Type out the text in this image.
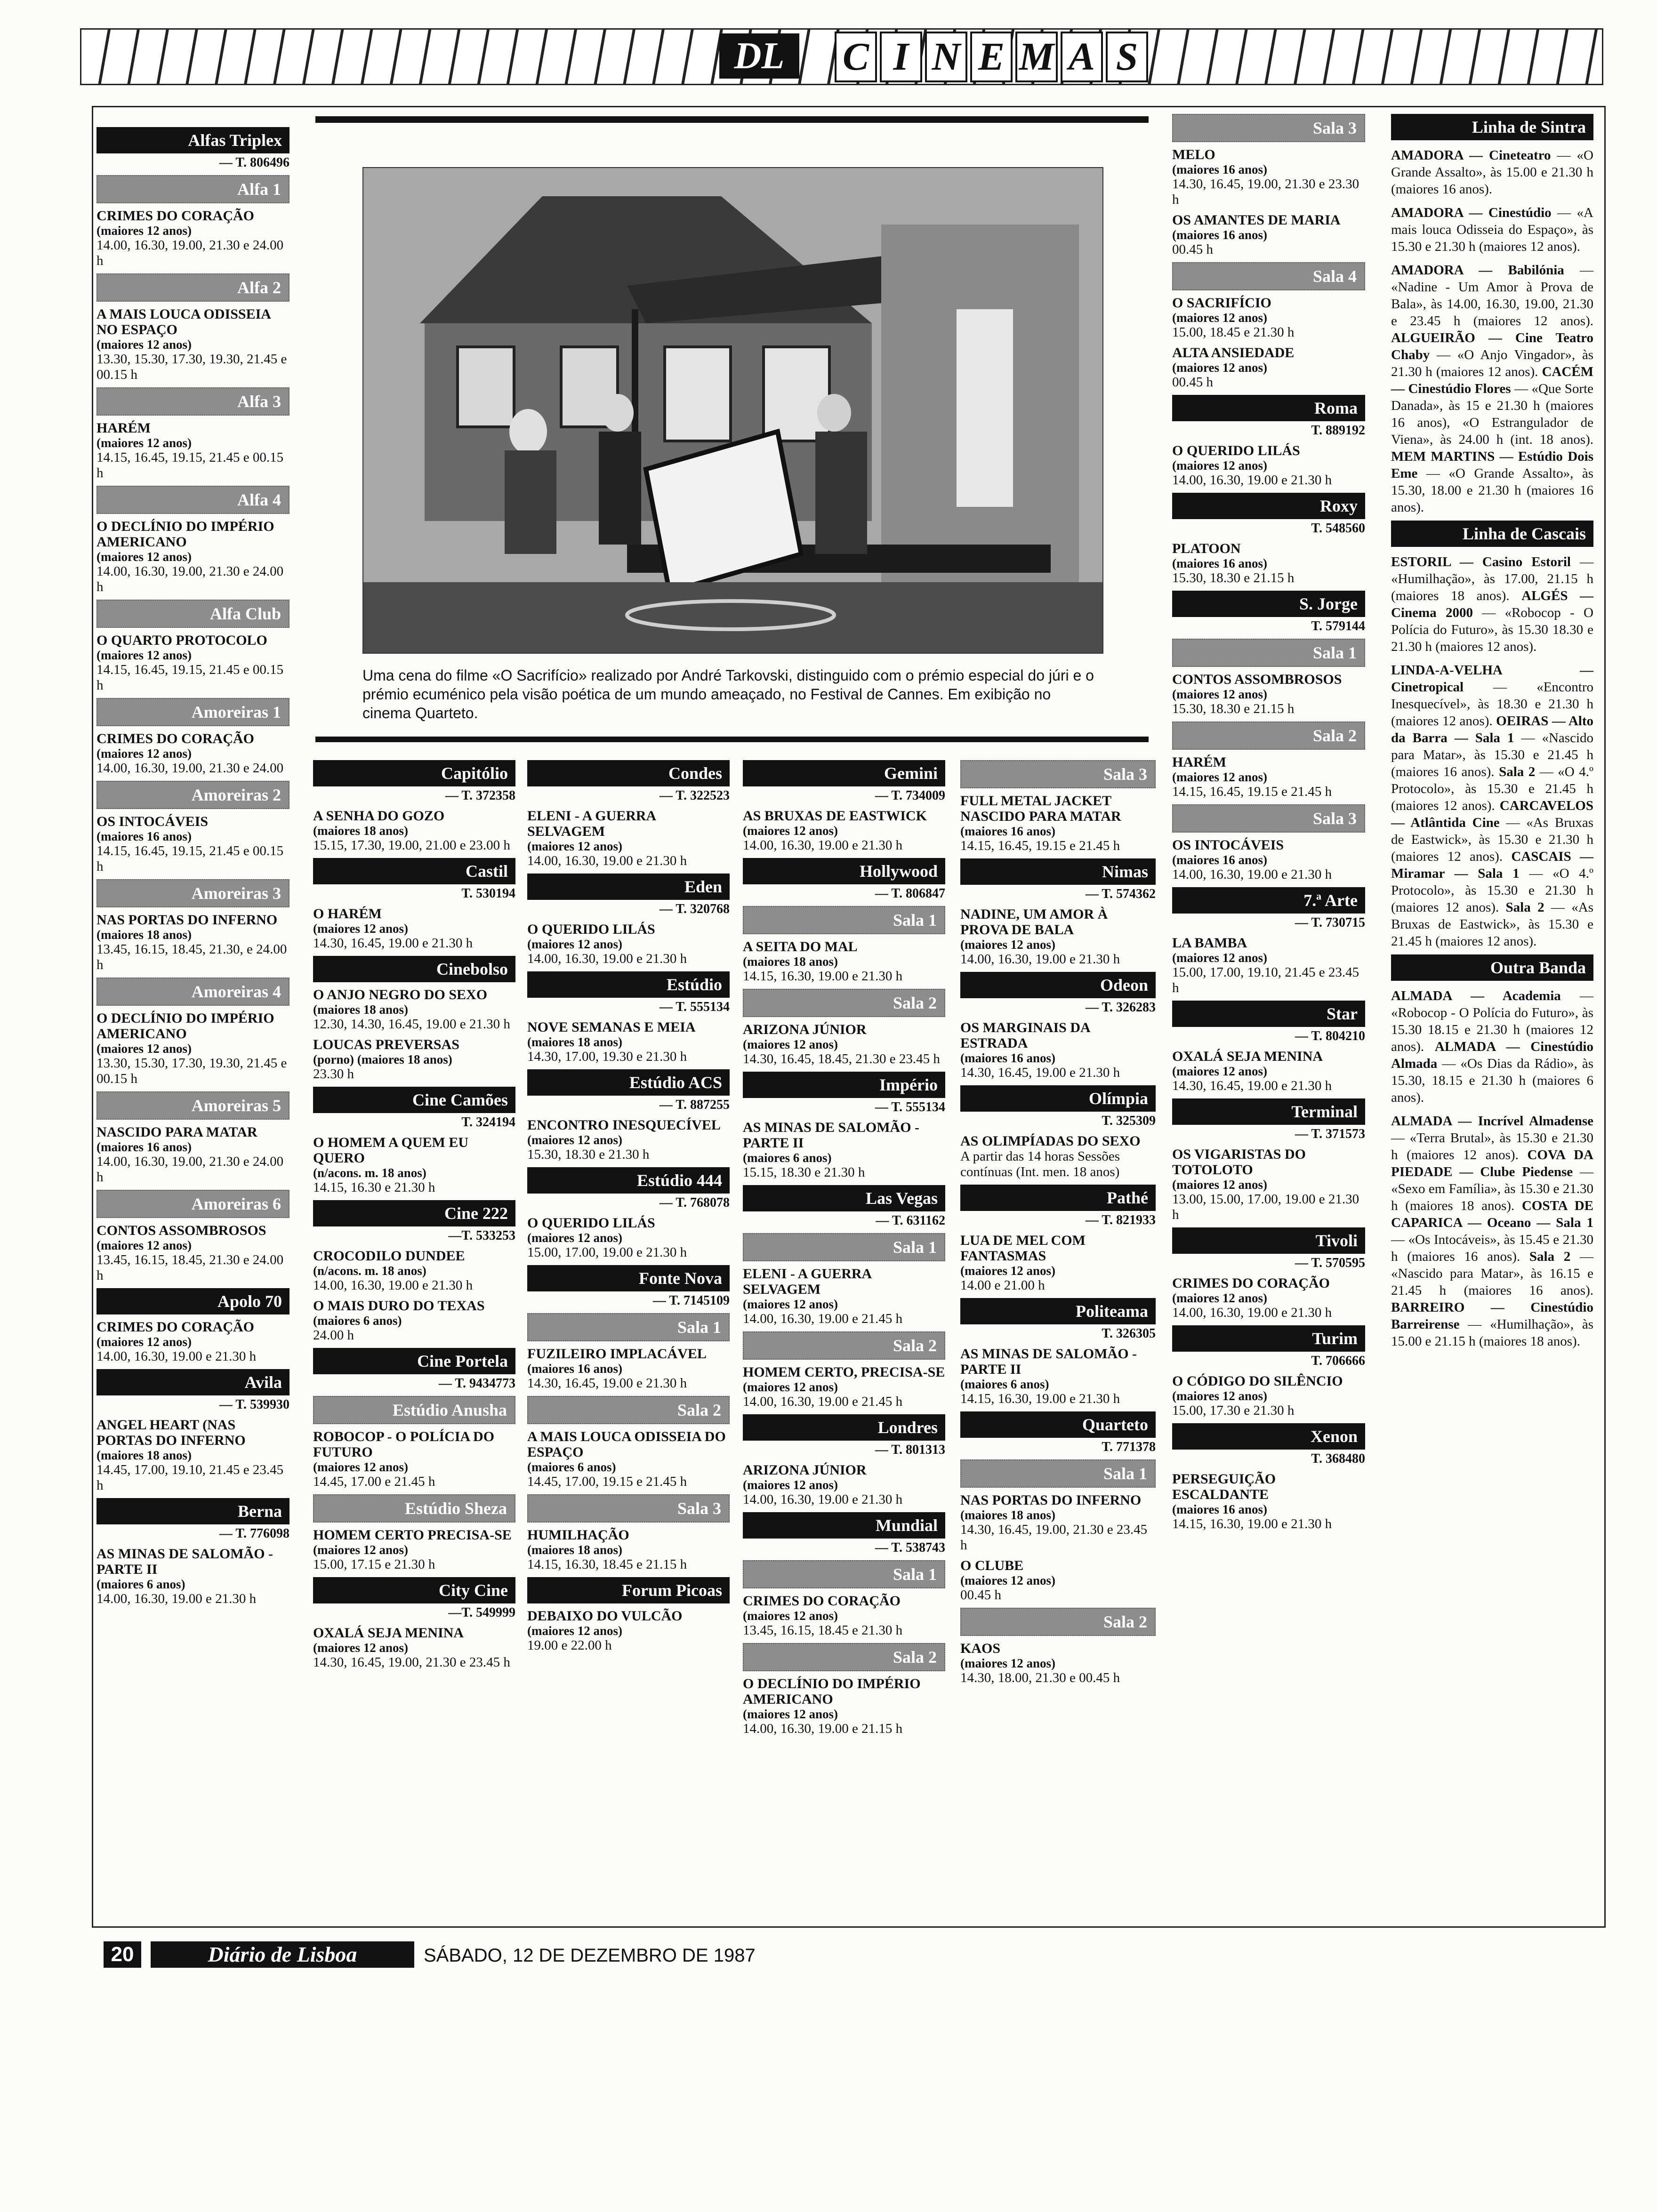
DL	C I N E M A S
Uma cena do filme «O Sacrifício» realizado por André Tarkovski, distinguido com o prémio especial do júri e o prémio ecuménico pela visão poética de um mundo ameaçado, no Festival de Cannes. Em exibição no cinema Quarteto.
Alfas Triplex
— T. 806496
Alfa 1
CRIMES DO CORAÇÃO
(maiores 12 anos)
14.00, 16.30, 19.00, 21.30 e 24.00 h
Alfa 2
A MAIS LOUCA ODISSEIA NO ESPAÇO
(maiores 12 anos)
13.30, 15.30, 17.30, 19.30, 21.45 e 00.15 h
Alfa 3
HARÉM
(maiores 12 anos)
14.15, 16.45, 19.15, 21.45 e 00.15 h
Alfa 4
O DECLÍNIO DO IMPÉRIO AMERICANO
(maiores 12 anos)
14.00, 16.30, 19.00, 21.30 e 24.00 h
Alfa Club
O QUARTO PROTOCOLO
(maiores 12 anos)
14.15, 16.45, 19.15, 21.45 e 00.15 h
Amoreiras 1
CRIMES DO CORAÇÃO
(maiores 12 anos)
14.00, 16.30, 19.00, 21.30 e 24.00
Amoreiras 2
OS INTOCÁVEIS
(maiores 16 anos)
14.15, 16.45, 19.15, 21.45 e 00.15 h
Amoreiras 3
NAS PORTAS DO INFERNO
(maiores 18 anos)
13.45, 16.15, 18.45, 21.30, e 24.00 h
Amoreiras 4
O DECLÍNIO DO IMPÉRIO AMERICANO
(maiores 12 anos)
13.30, 15.30, 17.30, 19.30, 21.45 e 00.15 h
Amoreiras 5
NASCIDO PARA MATAR
(maiores 16 anos)
14.00, 16.30, 19.00, 21.30 e 24.00 h
Amoreiras 6
CONTOS ASSOMBROSOS
(maiores 12 anos)
13.45, 16.15, 18.45, 21.30 e 24.00 h
Apolo 70
CRIMES DO CORAÇÃO
(maiores 12 anos)
14.00, 16.30, 19.00 e 21.30 h
Avila
— T. 539930
ANGEL HEART (NAS PORTAS DO INFERNO
(maiores 18 anos)
14.45, 17.00, 19.10, 21.45 e 23.45 h
Berna
— T. 776098
AS MINAS DE SALOMÃO - PARTE II
(maiores 6 anos)
14.00, 16.30, 19.00 e 21.30 h
Capitólio
— T. 372358
A SENHA DO GOZO
(maiores 18 anos)
15.15, 17.30, 19.00, 21.00 e 23.00 h
Castil
T. 530194
O HARÉM
(maiores 12 anos)
14.30, 16.45, 19.00 e 21.30 h
Cinebolso
O ANJO NEGRO DO SEXO
(maiores 18 anos)
12.30, 14.30, 16.45, 19.00 e 21.30 h
LOUCAS PREVERSAS
(porno) (maiores 18 anos)
23.30 h
Cine Camões
T. 324194
O HOMEM A QUEM EU QUERO
(n/acons. m. 18 anos)
14.15, 16.30 e 21.30 h
Cine 222
—T. 533253
CROCODILO DUNDEE
(n/acons. m. 18 anos)
14.00, 16.30, 19.00 e 21.30 h
O MAIS DURO DO TEXAS
(maiores 6 anos)
24.00 h
Cine Portela
— T. 9434773
Estúdio Anusha
ROBOCOP - O POLÍCIA DO FUTURO
(maiores 12 anos)
14.45, 17.00 e 21.45 h
Estúdio Sheza
HOMEM CERTO PRECISA-SE
(maiores 12 anos)
15.00, 17.15 e 21.30 h
City Cine
—T. 549999
OXALÁ SEJA MENINA
(maiores 12 anos)
14.30, 16.45, 19.00, 21.30 e 23.45 h
Condes
— T. 322523
ELENI - A GUERRA SELVAGEM
(maiores 12 anos)
14.00, 16.30, 19.00 e 21.30 h
Eden
— T. 320768
O QUERIDO LILÁS
(maiores 12 anos)
14.00, 16.30, 19.00 e 21.30 h
Estúdio
— T. 555134
NOVE SEMANAS E MEIA
(maiores 18 anos)
14.30, 17.00, 19.30 e 21.30 h
Estúdio ACS
— T. 887255
ENCONTRO INESQUECÍVEL
(maiores 12 anos)
15.30, 18.30 e 21.30 h
Estúdio 444
— T. 768078
O QUERIDO LILÁS
(maiores 12 anos)
15.00, 17.00, 19.00 e 21.30 h
Fonte Nova
— T. 7145109
Sala 1
FUZILEIRO IMPLACÁVEL
(maiores 16 anos)
14.30, 16.45, 19.00 e 21.30 h
Sala 2
A MAIS LOUCA ODISSEIA DO ESPAÇO
(maiores 6 anos)
14.45, 17.00, 19.15 e 21.45 h
Sala 3
HUMILHAÇÃO
(maiores 18 anos)
14.15, 16.30, 18.45 e 21.15 h
Forum Picoas
DEBAIXO DO VULCÃO
(maiores 12 anos)
19.00 e 22.00 h
Gemini
— T. 734009
AS BRUXAS DE EASTWICK
(maiores 12 anos)
14.00, 16.30, 19.00 e 21.30 h
Hollywood
— T. 806847
Sala 1
A SEITA DO MAL
(maiores 18 anos)
14.15, 16.30, 19.00 e 21.30 h
Sala 2
ARIZONA JÚNIOR
(maiores 12 anos)
14.30, 16.45, 18.45, 21.30 e 23.45 h
Império
— T. 555134
AS MINAS DE SALOMÃO - PARTE II
(maiores 6 anos)
15.15, 18.30 e 21.30 h
Las Vegas
— T. 631162
Sala 1
ELENI - A GUERRA SELVAGEM
(maiores 12 anos)
14.00, 16.30, 19.00 e 21.45 h
Sala 2
HOMEM CERTO, PRECISA-SE
(maiores 12 anos)
14.00, 16.30, 19.00 e 21.45 h
Londres
— T. 801313
ARIZONA JÚNIOR
(maiores 12 anos)
14.00, 16.30, 19.00 e 21.30 h
Mundial
— T. 538743
Sala 1
CRIMES DO CORAÇÃO
(maiores 12 anos)
13.45, 16.15, 18.45 e 21.30 h
Sala 2
O DECLÍNIO DO IMPÉRIO AMERICANO
(maiores 12 anos)
14.00, 16.30, 19.00 e 21.15 h
Sala 3
FULL METAL JACKET NASCIDO PARA MATAR
(maiores 16 anos)
14.15, 16.45, 19.15 e 21.45 h
Nimas
— T. 574362
NADINE, UM AMOR À PROVA DE BALA
(maiores 12 anos)
14.00, 16.30, 19.00 e 21.30 h
Odeon
— T. 326283
OS MARGINAIS DA ESTRADA
(maiores 16 anos)
14.30, 16.45, 19.00 e 21.30 h
Olímpia
T. 325309
AS OLIMPÍADAS DO SEXO
A partir das 14 horas Sessões contínuas (Int. men. 18 anos)
Pathé
— T. 821933
LUA DE MEL COM FANTASMAS
(maiores 12 anos)
14.00 e 21.00 h
Politeama
T. 326305
AS MINAS DE SALOMÃO - PARTE II
(maiores 6 anos)
14.15, 16.30, 19.00 e 21.30 h
Quarteto
T. 771378
Sala 1
NAS PORTAS DO INFERNO
(maiores 18 anos)
14.30, 16.45, 19.00, 21.30 e 23.45 h
O CLUBE
(maiores 12 anos)
00.45 h
Sala 2
KAOS
(maiores 12 anos)
14.30, 18.00, 21.30 e 00.45 h
Sala 3
MELO
(maiores 16 anos)
14.30, 16.45, 19.00, 21.30 e 23.30 h
OS AMANTES DE MARIA
(maiores 16 anos)
00.45 h
Sala 4
O SACRIFÍCIO
(maiores 12 anos)
15.00, 18.45 e 21.30 h
ALTA ANSIEDADE
(maiores 12 anos)
00.45 h
Roma
T. 889192
O QUERIDO LILÁS
(maiores 12 anos)
14.00, 16.30, 19.00 e 21.30 h
Roxy
T. 548560
PLATOON
(maiores 16 anos)
15.30, 18.30 e 21.15 h
S. Jorge
T. 579144
Sala 1
CONTOS ASSOMBROSOS
(maiores 12 anos)
15.30, 18.30 e 21.15 h
Sala 2
HARÉM
(maiores 12 anos)
14.15, 16.45, 19.15 e 21.45 h
Sala 3
OS INTOCÁVEIS
(maiores 16 anos)
14.00, 16.30, 19.00 e 21.30 h
7.ª Arte
— T. 730715
LA BAMBA
(maiores 12 anos)
15.00, 17.00, 19.10, 21.45 e 23.45 h
Star
— T. 804210
OXALÁ SEJA MENINA
(maiores 12 anos)
14.30, 16.45, 19.00 e 21.30 h
Terminal
— T. 371573
OS VIGARISTAS DO TOTOLOTO
(maiores 12 anos)
13.00, 15.00, 17.00, 19.00 e 21.30 h
Tivoli
— T. 570595
CRIMES DO CORAÇÃO
(maiores 12 anos)
14.00, 16.30, 19.00 e 21.30 h
Turim
T. 706666
O CÓDIGO DO SILÊNCIO
(maiores 12 anos)
15.00, 17.30 e 21.30 h
Xenon
T. 368480
PERSEGUIÇÃO ESCALDANTE
(maiores 16 anos)
14.15, 16.30, 19.00 e 21.30 h
Linha de Sintra
AMADORA — Cineteatro — «O Grande Assalto», às 15.00 e 21.30 h (maiores 16 anos).
AMADORA — Cinestúdio — «A mais louca Odisseia do Espaço», às 15.30 e 21.30 h (maiores 12 anos).
AMADORA — Babilónia — «Nadine - Um Amor à Prova de Bala», às 14.00, 16.30, 19.00, 21.30 e 23.45 h (maiores 12 anos). ALGUEIRÃO — Cine Teatro Chaby — «O Anjo Vingador», às 21.30 h (maiores 12 anos). CACÉM — Cinestúdio Flores — «Que Sorte Danada», às 15 e 21.30 h (maiores 16 anos), «O Estrangulador de Viena», às 24.00 h (int. 18 anos). MEM MARTINS — Estúdio Dois Eme — «O Grande Assalto», às 15.30, 18.00 e 21.30 h (maiores 16 anos).
Linha de Cascais
ESTORIL — Casino Estoril — «Humilhação», às 17.00, 21.15 h (maiores 18 anos). ALGÉS — Cinema 2000 — «Robocop - O Polícia do Futuro», às 15.30 18.30 e 21.30 h (maiores 12 anos).
LINDA-A-VELHA — Cinetropical — «Encontro Inesquecível», às 18.30 e 21.30 h (maiores 12 anos). OEIRAS — Alto da Barra — Sala 1 — «Nascido para Matar», às 15.30 e 21.45 h (maiores 16 anos). Sala 2 — «O 4.º Protocolo», às 15.30 e 21.45 h (maiores 12 anos). CARCAVELOS — Atlântida Cine — «As Bruxas de Eastwick», às 15.30 e 21.30 h (maiores 12 anos). CASCAIS — Miramar — Sala 1 — «O 4.º Protocolo», às 15.30 e 21.30 h (maiores 12 anos). Sala 2 — «As Bruxas de Eastwick», às 15.30 e 21.45 h (maiores 12 anos).
Outra Banda
ALMADA — Academia — «Robocop - O Polícia do Futuro», às 15.30 18.15 e 21.30 h (maiores 12 anos). ALMADA — Cinestúdio Almada — «Os Dias da Rádio», às 15.30, 18.15 e 21.30 h (maiores 6 anos).
ALMADA — Incrível Almadense — «Terra Brutal», às 15.30 e 21.30 h (maiores 12 anos). COVA DA PIEDADE — Clube Piedense — «Sexo em Família», às 15.30 e 21.30 h (maiores 18 anos). COSTA DE CAPARICA — Oceano — Sala 1 — «Os Intocáveis», às 15.45 e 21.30 h (maiores 16 anos). Sala 2 — «Nascido para Matar», às 16.15 e 21.45 h (maiores 16 anos). BARREIRO — Cinestúdio Barreirense — «Humilhação», às 15.00 e 21.15 h (maiores 18 anos).
20	Diário de Lisboa	SÁBADO, 12 DE DEZEMBRO DE 1987
